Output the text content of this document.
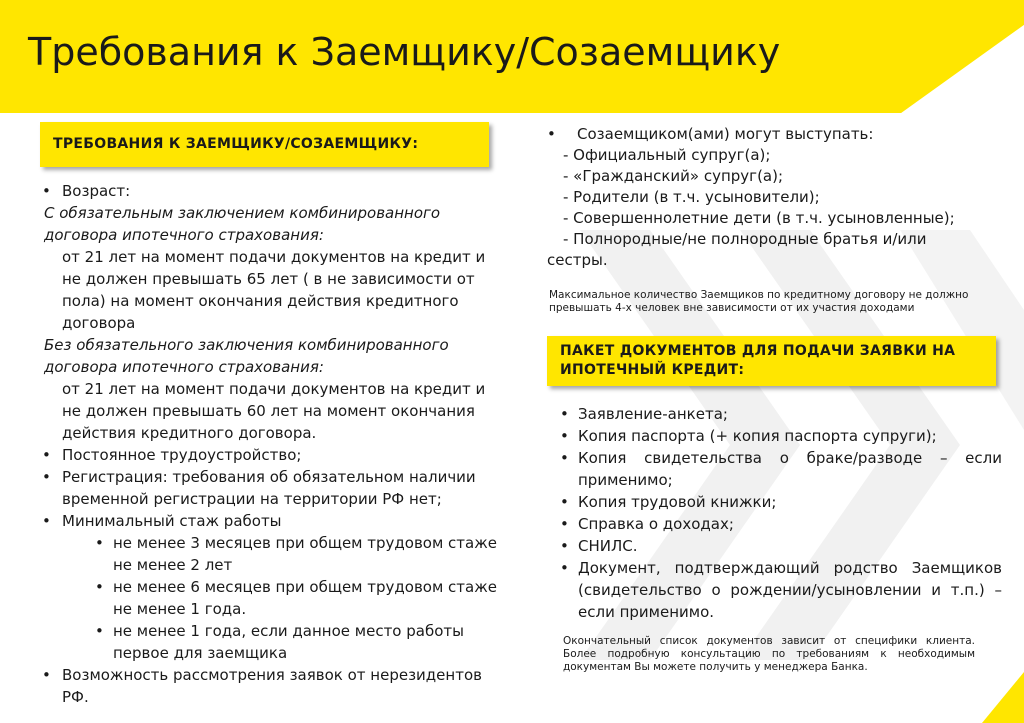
Требования к Заемщику/Созаемщику
ТРЕБОВАНИЯ К ЗАЕМЩИКУ/СОЗАЕМЩИКУ:
• Возраст:
С обязательным заключением комбинированного договора ипотечного страхования:
от 21 лет на момент подачи документов на кредит и не должен превышать 65 лет ( в не зависимости от пола) на момент окончания действия кредитного договора
Без обязательного заключения комбинированного договора ипотечного страхования:
от 21 лет на момент подачи документов на кредит и не должен превышать 60 лет на момент окончания действия кредитного договора.
• Постоянное трудоустройство;
• Регистрация: требования об обязательном наличии временной регистрации на территории РФ нет;
• Минимальный стаж работы
• не менее 3 месяцев при общем трудовом стаже не менее 2 лет
• не менее 6 месяцев при общем трудовом стаже не менее 1 года.
• не менее 1 года, если данное место работы первое для заемщика
• Возможность рассмотрения заявок от нерезидентов РФ.
• Созаемщиком(ами) могут выступать:
- Официальный супруг(а);
- «Гражданский» супруг(а);
- Родители (в т.ч. усыновители);
- Совершеннолетние дети (в т.ч. усыновленные);
- Полнородные/не полнородные братья и/или
сестры.
Максимальное количество Заемщиков по кредитному договору не должно превышать 4-х человек вне зависимости от их участия доходами
ПАКЕТ ДОКУМЕНТОВ ДЛЯ ПОДАЧИ ЗАЯВКИ НА ИПОТЕЧНЫЙ КРЕДИТ:
• Заявление-анкета;
• Копия паспорта (+ копия паспорта супруги);
• Копия свидетельства о браке/разводе – если применимо;
• Копия трудовой книжки;
• Справка о доходах;
• СНИЛС.
• Документ, подтверждающий родство Заемщиков (свидетельство о рождении/усыновлении и т.п.) – если применимо.
Окончательный список документов зависит от специфики клиента. Более подробную консультацию по требованиям к необходимым документам Вы можете получить у менеджера Банка.
